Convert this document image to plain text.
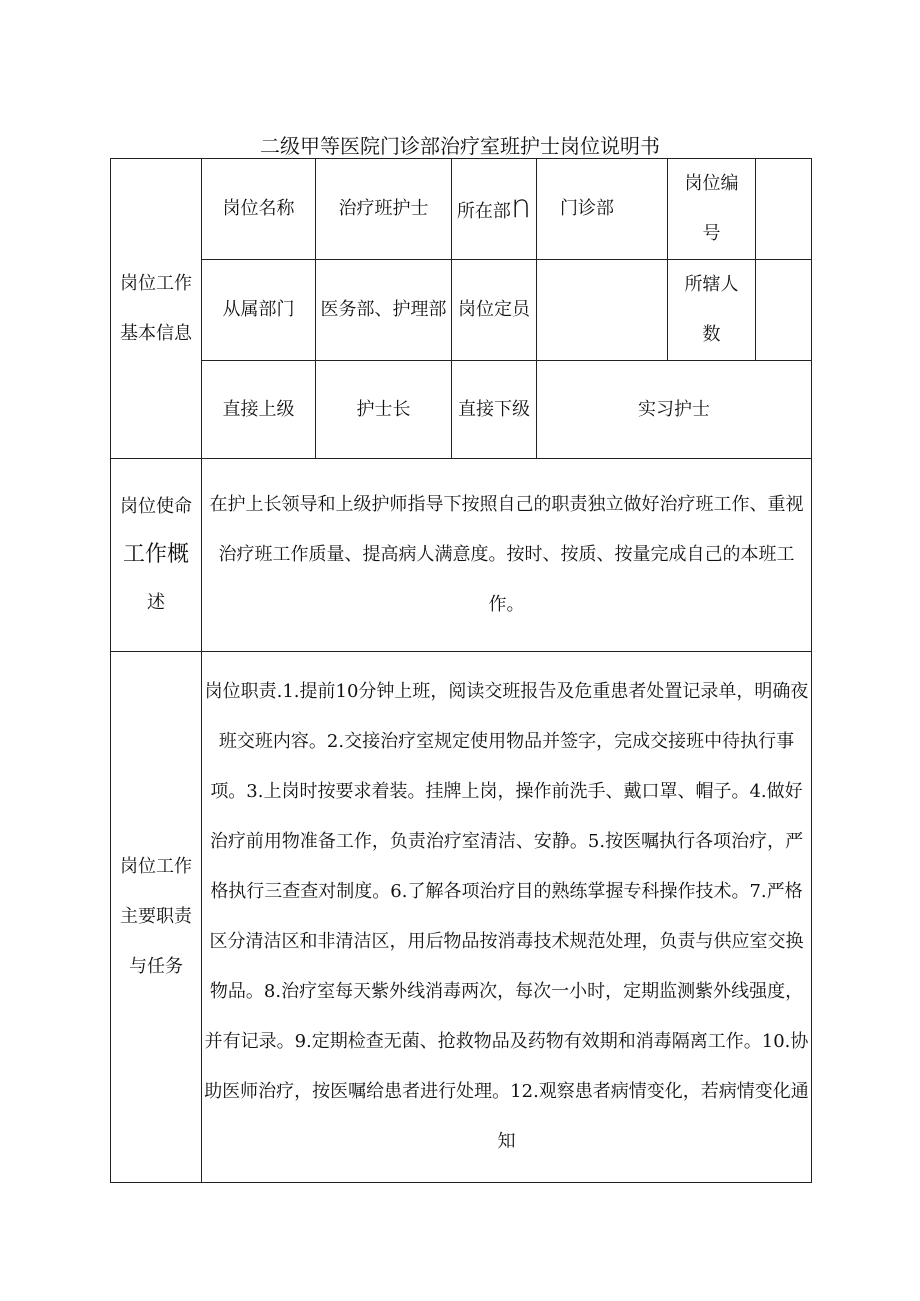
二级甲等医院门诊部治疗室班护士岗位说明书
岗位工作基本信息	岗位名称	治疗班护士	所在部n	门诊部	岗位编号	
	从属部门	医务部、护理部	岗位定员		所辖人数	
	直接上级	护士长	直接下级	实习护士		

岗位使命
工作概
述	在护上长领导和上级护师指导下按照自己的职责独立做好治疗班工作、重视治疗班工作质量、提高病人满意度。按时、按质、按量完成自己的本班工作。					
岗位工作主要职责与任务	岗位职责.1.提前10分钟上班，阅读交班报告及危重患者处置记录单，明确夜班交班内容。2.交接治疗室规定使用物品并签字，完成交接班中待执行事项。3.上岗时按要求着装。挂牌上岗，操作前洗手、戴口罩、帽子。4.做好治疗前用物准备工作，负责治疗室清洁、安静。5.按医嘱执行各项治疗，严格执行三查查对制度。6.了解各项治疗目的熟练掌握专科操作技术。7.严格区分清洁区和非清洁区，用后物品按消毒技术规范处理，负责与供应室交换物品。8.治疗室每天紫外线消毒两次，每次一小时，定期监测紫外线强度，并有记录。9.定期检查无菌、抢救物品及药物有效期和消毒隔离工作。10.协助医师治疗，按医嘱给患者进行处理。12.观察患者病情变化，若病情变化通知					
